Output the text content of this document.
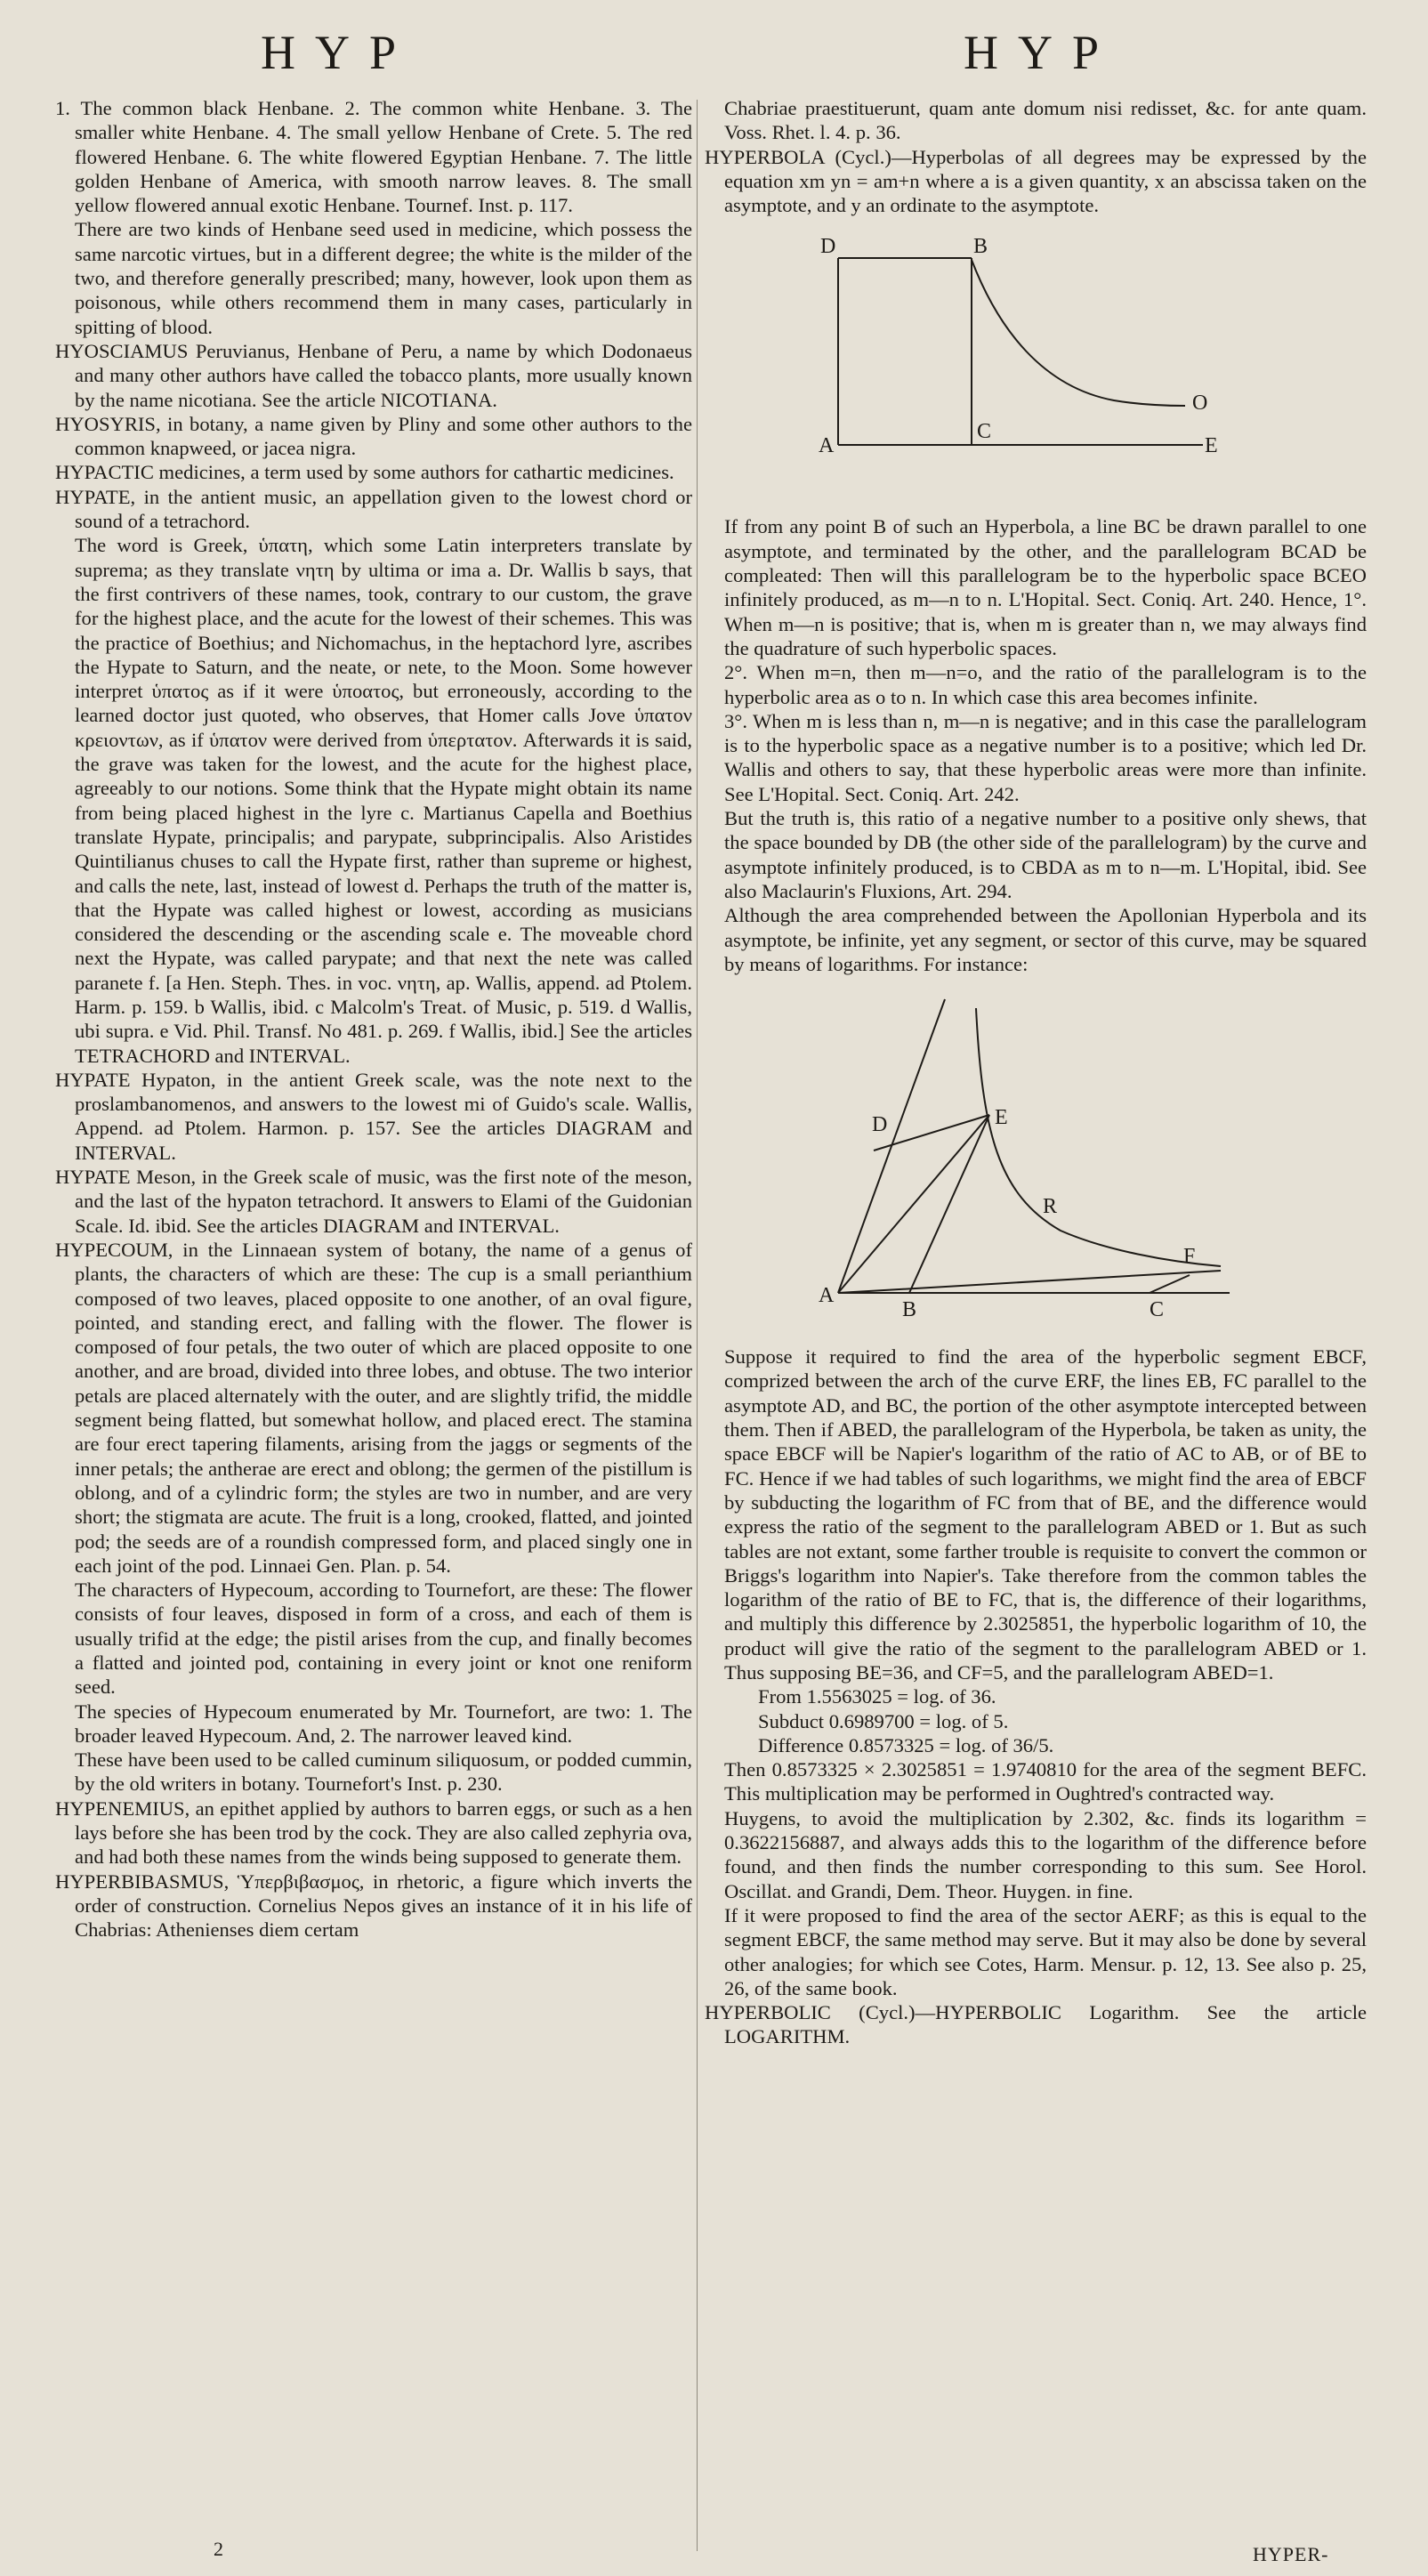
HYP	HYP

1. The common black Henbane. 2. The common white Henbane. 3. The smaller white Henbane. 4. The small yellow Henbane of Crete. 5. The red flowered Henbane. 6. The white flowered Egyptian Henbane. 7. The little golden Henbane of America, with smooth narrow leaves. 8. The small yellow flowered annual exotic Henbane. Tournef. Inst. p. 117.

There are two kinds of Henbane seed used in medicine, which possess the same narcotic virtues, but in a different degree; the white is the milder of the two, and therefore generally prescribed; many, however, look upon them as poisonous, while others recommend them in many cases, particularly in spitting of blood.

HYOSCIAMUS Peruvianus, Henbane of Peru, a name by which Dodonaeus and many other authors have called the tobacco plants, more usually known by the name nicotiana. See the article NICOTIANA.

HYOSYRIS, in botany, a name given by Pliny and some other authors to the common knapweed, or jacea nigra.

HYPACTIC medicines, a term used by some authors for cathartic medicines.

HYPATE, in the antient music, an appellation given to the lowest chord or sound of a tetrachord.

The word is Greek, ὑπατη, which some Latin interpreters translate by suprema; as they translate νητη by ultima or ima a. Dr. Wallis b says, that the first contrivers of these names, took, contrary to our custom, the grave for the highest place, and the acute for the lowest of their schemes. This was the practice of Boethius; and Nichomachus, in the heptachord lyre, ascribes the Hypate to Saturn, and the neate, or nete, to the Moon. Some however interpret ὑπατος as if it were ὑποατος, but erroneously, according to the learned doctor just quoted, who observes, that Homer calls Jove ὑπατον κρειοντων, as if ὑπατον were derived from ὑπερτατον. Afterwards it is said, the grave was taken for the lowest, and the acute for the highest place, agreeably to our notions. Some think that the Hypate might obtain its name from being placed highest in the lyre c. Martianus Capella and Boethius translate Hypate, principalis; and parypate, subprincipalis. Also Aristides Quintilianus chuses to call the Hypate first, rather than supreme or highest, and calls the nete, last, instead of lowest d. Perhaps the truth of the matter is, that the Hypate was called highest or lowest, according as musicians considered the descending or the ascending scale e. The moveable chord next the Hypate, was called parypate; and that next the nete was called paranete f. [a Hen. Steph. Thes. in voc. νητη, ap. Wallis, append. ad Ptolem. Harm. p. 159. b Wallis, ibid. c Malcolm's Treat. of Music, p. 519. d Wallis, ubi supra. e Vid. Phil. Transf. No 481. p. 269. f Wallis, ibid.] See the articles TETRACHORD and INTERVAL.

HYPATE Hypaton, in the antient Greek scale, was the note next to the proslambanomenos, and answers to the lowest mi of Guido's scale. Wallis, Append. ad Ptolem. Harmon. p. 157. See the articles DIAGRAM and INTERVAL.

HYPATE Meson, in the Greek scale of music, was the first note of the meson, and the last of the hypaton tetrachord. It answers to Elami of the Guidonian Scale. Id. ibid. See the articles DIAGRAM and INTERVAL.

HYPECOUM, in the Linnaean system of botany, the name of a genus of plants, the characters of which are these: The cup is a small perianthium composed of two leaves, placed opposite to one another, of an oval figure, pointed, and standing erect, and falling with the flower. The flower is composed of four petals, the two outer of which are placed opposite to one another, and are broad, divided into three lobes, and obtuse. The two interior petals are placed alternately with the outer, and are slightly trifid, the middle segment being flatted, but somewhat hollow, and placed erect. The stamina are four erect tapering filaments, arising from the jaggs or segments of the inner petals; the antherae are erect and oblong; the germen of the pistillum is oblong, and of a cylindric form; the styles are two in number, and are very short; the stigmata are acute. The fruit is a long, crooked, flatted, and jointed pod; the seeds are of a roundish compressed form, and placed singly one in each joint of the pod. Linnaei Gen. Plan. p. 54.

The characters of Hypecoum, according to Tournefort, are these: The flower consists of four leaves, disposed in form of a cross, and each of them is usually trifid at the edge; the pistil arises from the cup, and finally becomes a flatted and jointed pod, containing in every joint or knot one reniform seed.

The species of Hypecoum enumerated by Mr. Tournefort, are two: 1. The broader leaved Hypecoum. And, 2. The narrower leaved kind.

These have been used to be called cuminum siliquosum, or podded cummin, by the old writers in botany. Tournefort's Inst. p. 230.

HYPENEMIUS, an epithet applied by authors to barren eggs, or such as a hen lays before she has been trod by the cock. They are also called zephyria ova, and had both these names from the winds being supposed to generate them.

HYPERBIBASMUS, Ὑπερβιβασμος, in rhetoric, a figure which inverts the order of construction. Cornelius Nepos gives an instance of it in his life of Chabrias: Athenienses diem certam

Chabriae praestituerunt, quam ante domum nisi redisset, &c. for ante quam. Voss. Rhet. l. 4. p. 36.

HYPERBOLA (Cycl.)—Hyperbolas of all degrees may be expressed by the equation xm yn = am+n where a is a given quantity, x an abscissa taken on the asymptote, and y an ordinate to the asymptote.

D	B
O
A
C
E

If from any point B of such an Hyperbola, a line BC be drawn parallel to one asymptote, and terminated by the other, and the parallelogram BCAD be compleated: Then will this parallelogram be to the hyperbolic space BCEO infinitely produced, as m—n to n. L'Hopital. Sect. Coniq. Art. 240. Hence, 1°. When m—n is positive; that is, when m is greater than n, we may always find the quadrature of such hyperbolic spaces.

2°. When m=n, then m—n=o, and the ratio of the parallelogram is to the hyperbolic area as o to n. In which case this area becomes infinite.

3°. When m is less than n, m—n is negative; and in this case the parallelogram is to the hyperbolic space as a negative number is to a positive; which led Dr. Wallis and others to say, that these hyperbolic areas were more than infinite. See L'Hopital. Sect. Coniq. Art. 242.

But the truth is, this ratio of a negative number to a positive only shews, that the space bounded by DB (the other side of the parallelogram) by the curve and asymptote infinitely produced, is to CBDA as m to n—m. L'Hopital, ibid. See also Maclaurin's Fluxions, Art. 294.

Although the area comprehended between the Apollonian Hyperbola and its asymptote, be infinite, yet any segment, or sector of this curve, may be squared by means of logarithms. For instance:

D	E
R
F
A
B	C

Suppose it required to find the area of the hyperbolic segment EBCF, comprized between the arch of the curve ERF, the lines EB, FC parallel to the asymptote AD, and BC, the portion of the other asymptote intercepted between them. Then if ABED, the parallelogram of the Hyperbola, be taken as unity, the space EBCF will be Napier's logarithm of the ratio of AC to AB, or of BE to FC. Hence if we had tables of such logarithms, we might find the area of EBCF by subducting the logarithm of FC from that of BE, and the difference would express the ratio of the segment to the parallelogram ABED or 1. But as such tables are not extant, some farther trouble is requisite to convert the common or Briggs's logarithm into Napier's. Take therefore from the common tables the logarithm of the ratio of BE to FC, that is, the difference of their logarithms, and multiply this difference by 2.3025851, the hyperbolic logarithm of 10, the product will give the ratio of the segment to the parallelogram ABED or 1. Thus supposing BE=36, and CF=5, and the parallelogram ABED=1.

From 1.5563025 = log. of 36.
Subduct 0.6989700 = log. of 5.
Difference 0.8573325 = log. of 36/5.

Then 0.8573325 × 2.3025851 = 1.9740810 for the area of the segment BEFC. This multiplication may be performed in Oughtred's contracted way.

Huygens, to avoid the multiplication by 2.302, &c. finds its logarithm = 0.3622156887, and always adds this to the logarithm of the difference before found, and then finds the number corresponding to this sum. See Horol. Oscillat. and Grandi, Dem. Theor. Huygen. in fine.

If it were proposed to find the area of the sector AERF; as this is equal to the segment EBCF, the same method may serve. But it may also be done by several other analogies; for which see Cotes, Harm. Mensur. p. 12, 13. See also p. 25, 26, of the same book.

HYPERBOLIC (Cycl.)—HYPERBOLIC Logarithm. See the article LOGARITHM.

2	HYPER-
